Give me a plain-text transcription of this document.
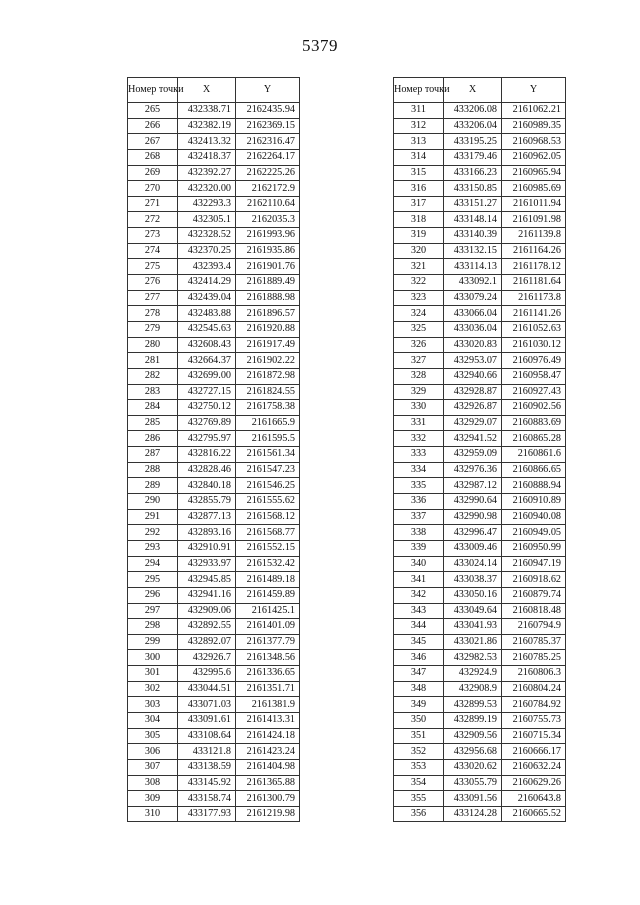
5379
Номер точки	X	Y
265	432338.71	2162435.94
266	432382.19	2162369.15
267	432413.32	2162316.47
268	432418.37	2162264.17
269	432392.27	2162225.26
270	432320.00	2162172.9
271	432293.3	2162110.64
272	432305.1	2162035.3
273	432328.52	2161993.96
274	432370.25	2161935.86
275	432393.4	2161901.76
276	432414.29	2161889.49
277	432439.04	2161888.98
278	432483.88	2161896.57
279	432545.63	2161920.88
280	432608.43	2161917.49
281	432664.37	2161902.22
282	432699.00	2161872.98
283	432727.15	2161824.55
284	432750.12	2161758.38
285	432769.89	2161665.9
286	432795.97	2161595.5
287	432816.22	2161561.34
288	432828.46	2161547.23
289	432840.18	2161546.25
290	432855.79	2161555.62
291	432877.13	2161568.12
292	432893.16	2161568.77
293	432910.91	2161552.15
294	432933.97	2161532.42
295	432945.85	2161489.18
296	432941.16	2161459.89
297	432909.06	2161425.1
298	432892.55	2161401.09
299	432892.07	2161377.79
300	432926.7	2161348.56
301	432995.6	2161336.65
302	433044.51	2161351.71
303	433071.03	2161381.9
304	433091.61	2161413.31
305	433108.64	2161424.18
306	433121.8	2161423.24
307	433138.59	2161404.98
308	433145.92	2161365.88
309	433158.74	2161300.79
310	433177.93	2161219.98
Номер точки	X	Y
311	433206.08	2161062.21
312	433206.04	2160989.35
313	433195.25	2160968.53
314	433179.46	2160962.05
315	433166.23	2160965.94
316	433150.85	2160985.69
317	433151.27	2161011.94
318	433148.14	2161091.98
319	433140.39	2161139.8
320	433132.15	2161164.26
321	433114.13	2161178.12
322	433092.1	2161181.64
323	433079.24	2161173.8
324	433066.04	2161141.26
325	433036.04	2161052.63
326	433020.83	2161030.12
327	432953.07	2160976.49
328	432940.66	2160958.47
329	432928.87	2160927.43
330	432926.87	2160902.56
331	432929.07	2160883.69
332	432941.52	2160865.28
333	432959.09	2160861.6
334	432976.36	2160866.65
335	432987.12	2160888.94
336	432990.64	2160910.89
337	432990.98	2160940.08
338	432996.47	2160949.05
339	433009.46	2160950.99
340	433024.14	2160947.19
341	433038.37	2160918.62
342	433050.16	2160879.74
343	433049.64	2160818.48
344	433041.93	2160794.9
345	433021.86	2160785.37
346	432982.53	2160785.25
347	432924.9	2160806.3
348	432908.9	2160804.24
349	432899.53	2160784.92
350	432899.19	2160755.73
351	432909.56	2160715.34
352	432956.68	2160666.17
353	433020.62	2160632.24
354	433055.79	2160629.26
355	433091.56	2160643.8
356	433124.28	2160665.52
